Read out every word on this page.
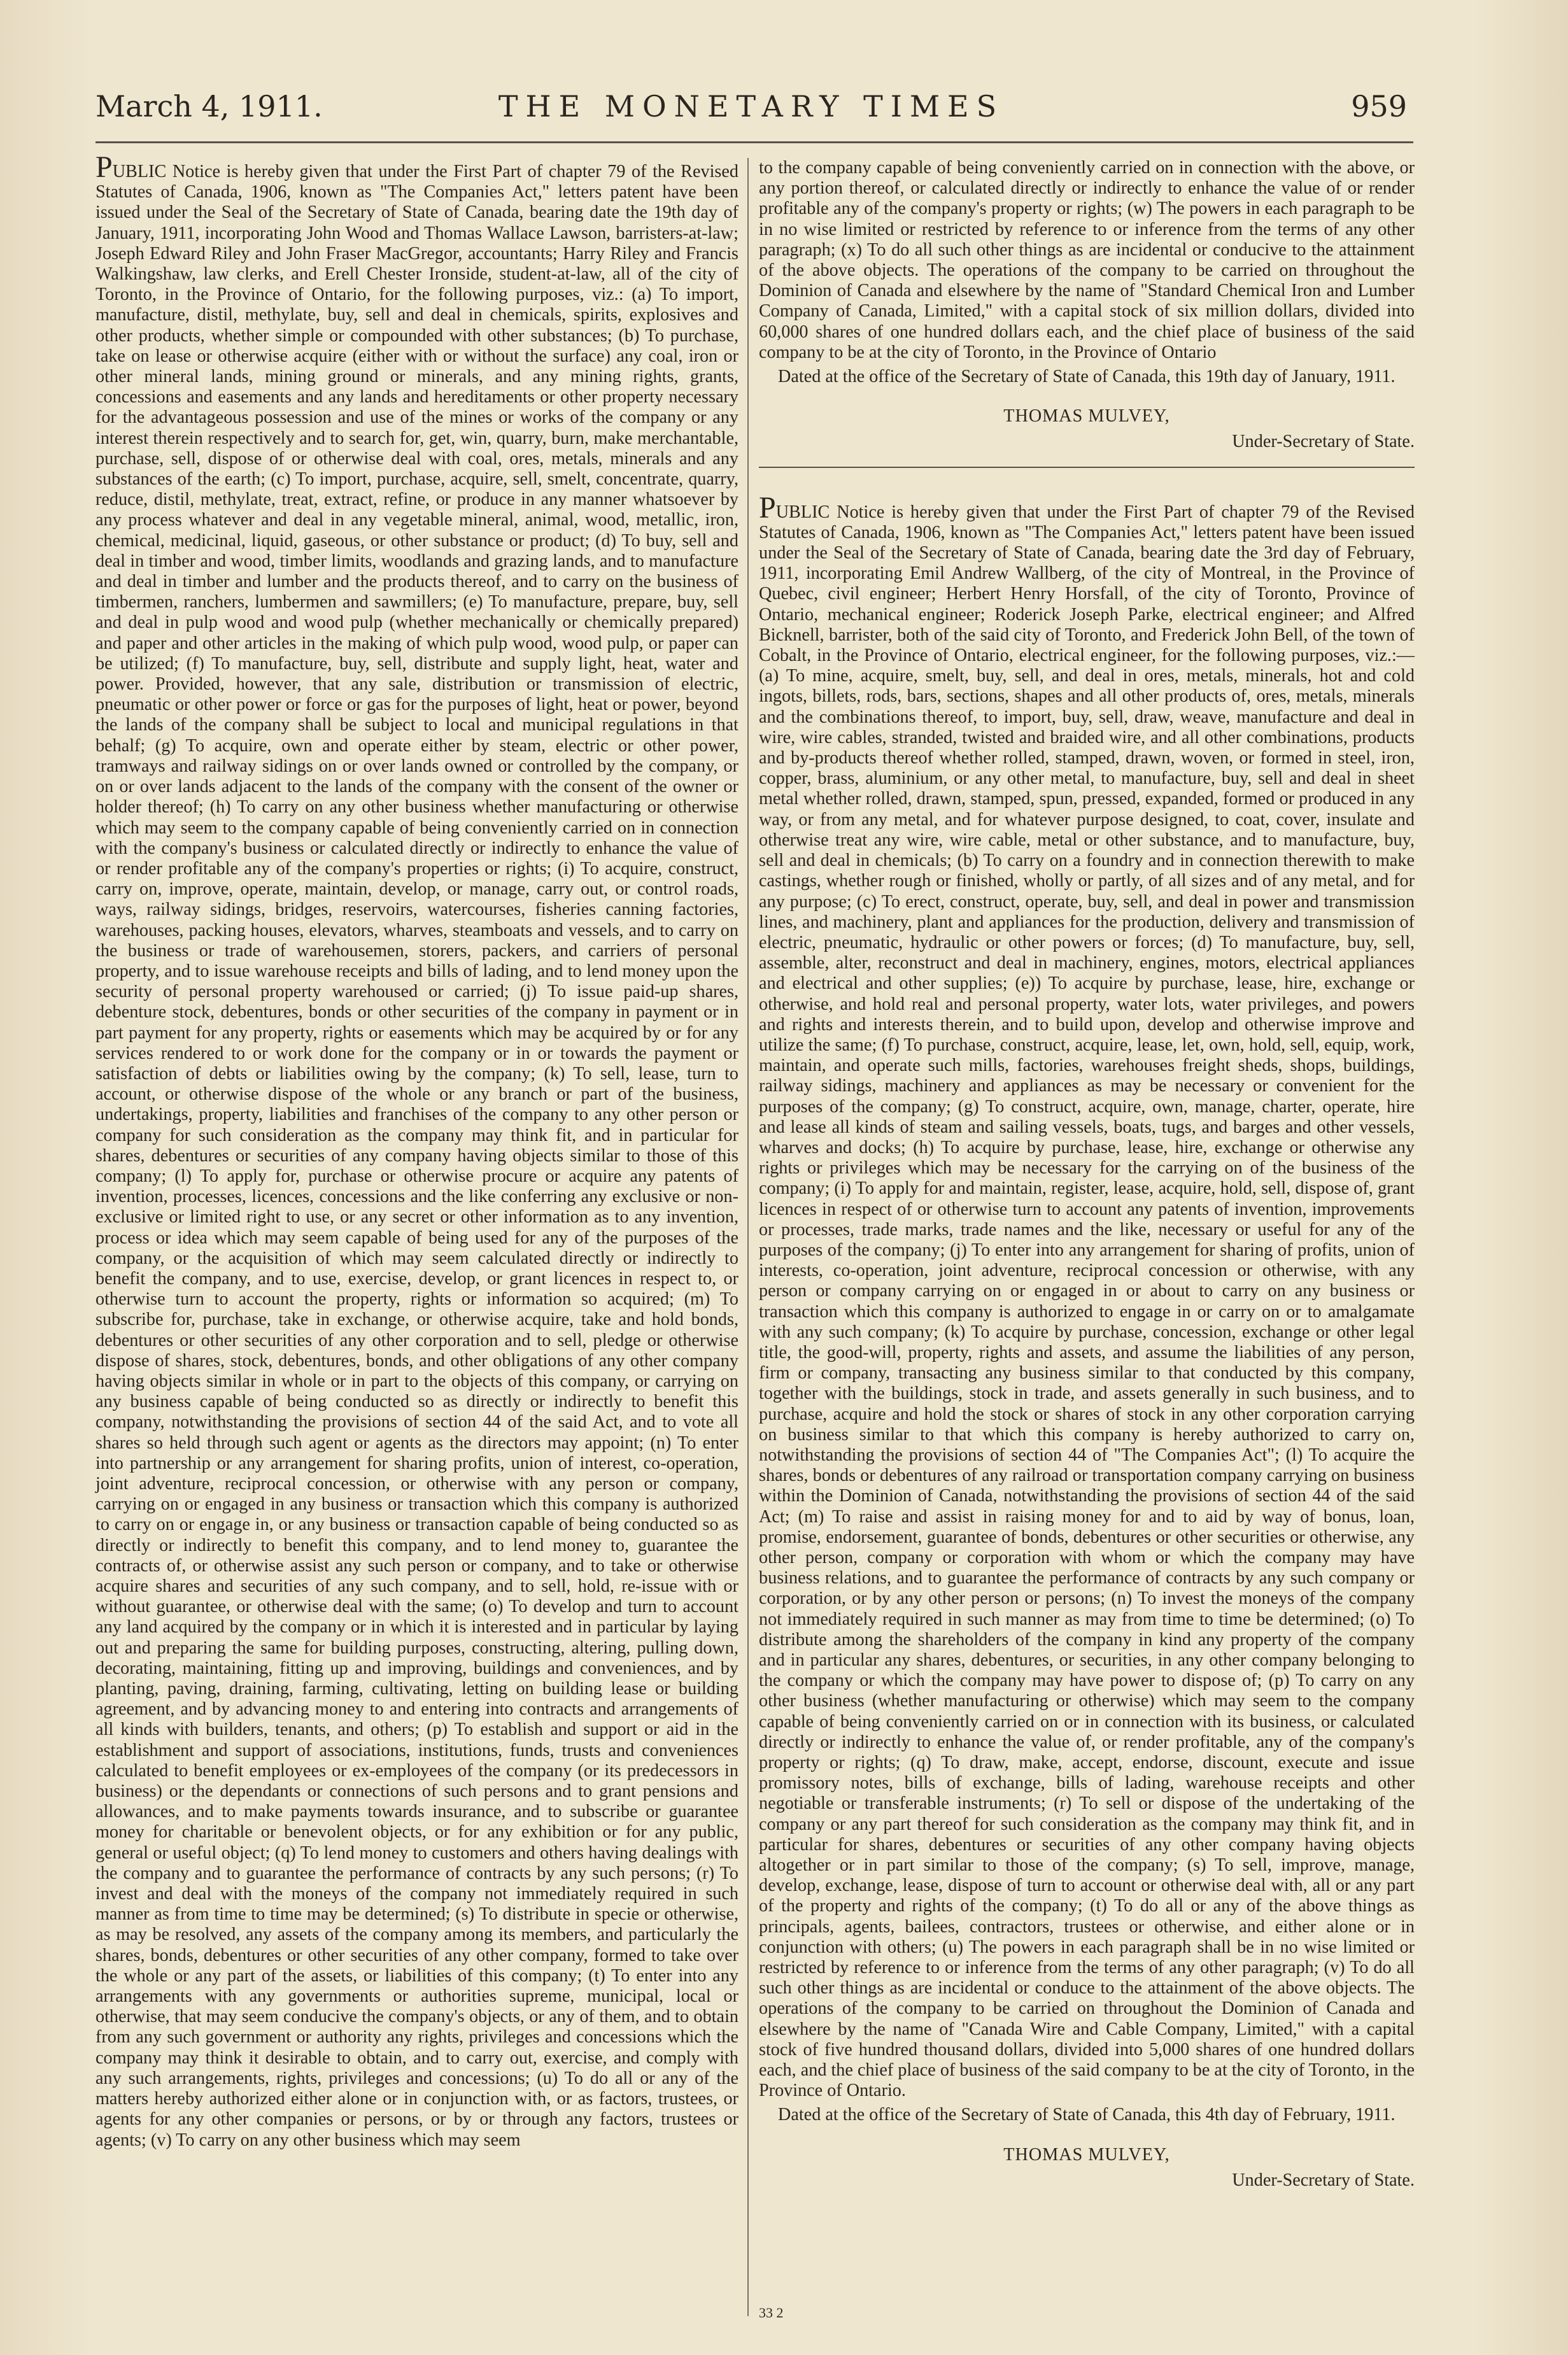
March 4, 1911.	THE MONETARY TIMES	959

PUBLIC Notice is hereby given that under the First Part of chapter 79 of the Revised Statutes of Canada, 1906, known as "The Companies Act," letters patent have been issued under the Seal of the Secretary of State of Canada, bearing date the 19th day of January, 1911, incorporating John Wood and Thomas Wallace Lawson, barristers-at-law; Joseph Edward Riley and John Fraser MacGregor, accountants; Harry Riley and Francis Walkingshaw, law clerks, and Erell Chester Ironside, student-at-law, all of the city of Toronto, in the Province of Ontario, for the following purposes, viz.: (a) To import, manufacture, distil, methylate, buy, sell and deal in chemicals, spirits, explosives and other products, whether simple or compounded with other substances; (b) To purchase, take on lease or otherwise acquire (either with or without the surface) any coal, iron or other mineral lands, mining ground or minerals, and any mining rights, grants, concessions and easements and any lands and hereditaments or other property necessary for the advantageous possession and use of the mines or works of the company or any interest therein respectively and to search for, get, win, quarry, burn, make merchantable, purchase, sell, dispose of or otherwise deal with coal, ores, metals, minerals and any substances of the earth; (c) To import, purchase, acquire, sell, smelt, concentrate, quarry, reduce, distil, methylate, treat, extract, refine, or produce in any manner whatsoever by any process whatever and deal in any vegetable mineral, animal, wood, metallic, iron, chemical, medicinal, liquid, gaseous, or other substance or product; (d) To buy, sell and deal in timber and wood, timber limits, woodlands and grazing lands, and to manufacture and deal in timber and lumber and the products thereof, and to carry on the business of timbermen, ranchers, lumbermen and sawmillers; (e) To manufacture, prepare, buy, sell and deal in pulp wood and wood pulp (whether mechanically or chemically prepared) and paper and other articles in the making of which pulp wood, wood pulp, or paper can be utilized; (f) To manufacture, buy, sell, distribute and supply light, heat, water and power. Provided, however, that any sale, distribution or transmission of electric, pneumatic or other power or force or gas for the purposes of light, heat or power, beyond the lands of the company shall be subject to local and municipal regulations in that behalf; (g) To acquire, own and operate either by steam, electric or other power, tramways and railway sidings on or over lands owned or controlled by the company, or on or over lands adjacent to the lands of the company with the consent of the owner or holder thereof; (h) To carry on any other business whether manufacturing or otherwise which may seem to the company capable of being conveniently carried on in connection with the company's business or calculated directly or indirectly to enhance the value of or render profitable any of the company's properties or rights; (i) To acquire, construct, carry on, improve, operate, maintain, develop, or manage, carry out, or control roads, ways, railway sidings, bridges, reservoirs, watercourses, fisheries canning factories, warehouses, packing houses, elevators, wharves, steamboats and vessels, and to carry on the business or trade of warehousemen, storers, packers, and carriers of personal property, and to issue warehouse receipts and bills of lading, and to lend money upon the security of personal property warehoused or carried; (j) To issue paid-up shares, debenture stock, debentures, bonds or other securities of the company in payment or in part payment for any property, rights or easements which may be acquired by or for any services rendered to or work done for the company or in or towards the payment or satisfaction of debts or liabilities owing by the company; (k) To sell, lease, turn to account, or otherwise dispose of the whole or any branch or part of the business, undertakings, property, liabilities and franchises of the company to any other person or company for such consideration as the company may think fit, and in particular for shares, debentures or securities of any company having objects similar to those of this company; (l) To apply for, purchase or otherwise procure or acquire any patents of invention, processes, licences, concessions and the like conferring any exclusive or non-exclusive or limited right to use, or any secret or other information as to any invention, process or idea which may seem capable of being used for any of the purposes of the company, or the acquisition of which may seem calculated directly or indirectly to benefit the company, and to use, exercise, develop, or grant licences in respect to, or otherwise turn to account the property, rights or information so acquired; (m) To subscribe for, purchase, take in exchange, or otherwise acquire, take and hold bonds, debentures or other securities of any other corporation and to sell, pledge or otherwise dispose of shares, stock, debentures, bonds, and other obligations of any other company having objects similar in whole or in part to the objects of this company, or carrying on any business capable of being conducted so as directly or indirectly to benefit this company, notwithstanding the provisions of section 44 of the said Act, and to vote all shares so held through such agent or agents as the directors may appoint; (n) To enter into partnership or any arrangement for sharing profits, union of interest, co-operation, joint adventure, reciprocal concession, or otherwise with any person or company, carrying on or engaged in any business or transaction which this company is authorized to carry on or engage in, or any business or transaction capable of being conducted so as directly or indirectly to benefit this company, and to lend money to, guarantee the contracts of, or otherwise assist any such person or company, and to take or otherwise acquire shares and securities of any such company, and to sell, hold, re-issue with or without guarantee, or otherwise deal with the same; (o) To develop and turn to account any land acquired by the company or in which it is interested and in particular by laying out and preparing the same for building purposes, constructing, altering, pulling down, decorating, maintaining, fitting up and improving, buildings and conveniences, and by planting, paving, draining, farming, cultivating, letting on building lease or building agreement, and by advancing money to and entering into contracts and arrangements of all kinds with builders, tenants, and others; (p) To establish and support or aid in the establishment and support of associations, institutions, funds, trusts and conveniences calculated to benefit employees or ex-employees of the company (or its predecessors in business) or the dependants or connections of such persons and to grant pensions and allowances, and to make payments towards insurance, and to subscribe or guarantee money for charitable or benevolent objects, or for any exhibition or for any public, general or useful object; (q) To lend money to customers and others having dealings with the company and to guarantee the performance of contracts by any such persons; (r) To invest and deal with the moneys of the company not immediately required in such manner as from time to time may be determined; (s) To distribute in specie or otherwise, as may be resolved, any assets of the company among its members, and particularly the shares, bonds, debentures or other securities of any other company, formed to take over the whole or any part of the assets, or liabilities of this company; (t) To enter into any arrangements with any governments or authorities supreme, municipal, local or otherwise, that may seem conducive the company's objects, or any of them, and to obtain from any such government or authority any rights, privileges and concessions which the company may think it desirable to obtain, and to carry out, exercise, and comply with any such arrangements, rights, privileges and concessions; (u) To do all or any of the matters hereby authorized either alone or in conjunction with, or as factors, trustees, or agents for any other companies or persons, or by or through any factors, trustees or agents; (v) To carry on any other business which may seem

to the company capable of being conveniently carried on in connection with the above, or any portion thereof, or calculated directly or indirectly to enhance the value of or render profitable any of the company's property or rights; (w) The powers in each paragraph to be in no wise limited or restricted by reference to or inference from the terms of any other paragraph; (x) To do all such other things as are incidental or conducive to the attainment of the above objects. The operations of the company to be carried on throughout the Dominion of Canada and elsewhere by the name of "Standard Chemical Iron and Lumber Company of Canada, Limited," with a capital stock of six million dollars, divided into 60,000 shares of one hundred dollars each, and the chief place of business of the said company to be at the city of Toronto, in the Province of Ontario

Dated at the office of the Secretary of State of Canada, this 19th day of January, 1911.

THOMAS MULVEY,

Under-Secretary of State.

PUBLIC Notice is hereby given that under the First Part of chapter 79 of the Revised Statutes of Canada, 1906, known as "The Companies Act," letters patent have been issued under the Seal of the Secretary of State of Canada, bearing date the 3rd day of February, 1911, incorporating Emil Andrew Wallberg, of the city of Montreal, in the Province of Quebec, civil engineer; Herbert Henry Horsfall, of the city of Toronto, Province of Ontario, mechanical engineer; Roderick Joseph Parke, electrical engineer; and Alfred Bicknell, barrister, both of the said city of Toronto, and Frederick John Bell, of the town of Cobalt, in the Province of Ontario, electrical engineer, for the following purposes, viz.:—(a) To mine, acquire, smelt, buy, sell, and deal in ores, metals, minerals, hot and cold ingots, billets, rods, bars, sections, shapes and all other products of, ores, metals, minerals and the combinations thereof, to import, buy, sell, draw, weave, manufacture and deal in wire, wire cables, stranded, twisted and braided wire, and all other combinations, products and by-products thereof whether rolled, stamped, drawn, woven, or formed in steel, iron, copper, brass, aluminium, or any other metal, to manufacture, buy, sell and deal in sheet metal whether rolled, drawn, stamped, spun, pressed, expanded, formed or produced in any way, or from any metal, and for whatever purpose designed, to coat, cover, insulate and otherwise treat any wire, wire cable, metal or other substance, and to manufacture, buy, sell and deal in chemicals; (b) To carry on a foundry and in connection therewith to make castings, whether rough or finished, wholly or partly, of all sizes and of any metal, and for any purpose; (c) To erect, construct, operate, buy, sell, and deal in power and transmission lines, and machinery, plant and appliances for the production, delivery and transmission of electric, pneumatic, hydraulic or other powers or forces; (d) To manufacture, buy, sell, assemble, alter, reconstruct and deal in machinery, engines, motors, electrical appliances and electrical and other supplies; (e)) To acquire by purchase, lease, hire, exchange or otherwise, and hold real and personal property, water lots, water privileges, and powers and rights and interests therein, and to build upon, develop and otherwise improve and utilize the same; (f) To purchase, construct, acquire, lease, let, own, hold, sell, equip, work, maintain, and operate such mills, factories, warehouses freight sheds, shops, buildings, railway sidings, machinery and appliances as may be necessary or convenient for the purposes of the company; (g) To construct, acquire, own, manage, charter, operate, hire and lease all kinds of steam and sailing vessels, boats, tugs, and barges and other vessels, wharves and docks; (h) To acquire by purchase, lease, hire, exchange or otherwise any rights or privileges which may be necessary for the carrying on of the business of the company; (i) To apply for and maintain, register, lease, acquire, hold, sell, dispose of, grant licences in respect of or otherwise turn to account any patents of invention, improvements or processes, trade marks, trade names and the like, necessary or useful for any of the purposes of the company; (j) To enter into any arrangement for sharing of profits, union of interests, co-operation, joint adventure, reciprocal concession or otherwise, with any person or company carrying on or engaged in or about to carry on any business or transaction which this company is authorized to engage in or carry on or to amalgamate with any such company; (k) To acquire by purchase, concession, exchange or other legal title, the good-will, property, rights and assets, and assume the liabilities of any person, firm or company, transacting any business similar to that conducted by this company, together with the buildings, stock in trade, and assets generally in such business, and to purchase, acquire and hold the stock or shares of stock in any other corporation carrying on business similar to that which this company is hereby authorized to carry on, notwithstanding the provisions of section 44 of "The Companies Act"; (l) To acquire the shares, bonds or debentures of any railroad or transportation company carrying on business within the Dominion of Canada, notwithstanding the provisions of section 44 of the said Act; (m) To raise and assist in raising money for and to aid by way of bonus, loan, promise, endorsement, guarantee of bonds, debentures or other securities or otherwise, any other person, company or corporation with whom or which the company may have business relations, and to guarantee the performance of contracts by any such company or corporation, or by any other person or persons; (n) To invest the moneys of the company not immediately required in such manner as may from time to time be determined; (o) To distribute among the shareholders of the company in kind any property of the company and in particular any shares, debentures, or securities, in any other company belonging to the company or which the company may have power to dispose of; (p) To carry on any other business (whether manufacturing or otherwise) which may seem to the company capable of being conveniently carried on or in connection with its business, or calculated directly or indirectly to enhance the value of, or render profitable, any of the company's property or rights; (q) To draw, make, accept, endorse, discount, execute and issue promissory notes, bills of exchange, bills of lading, warehouse receipts and other negotiable or transferable instruments; (r) To sell or dispose of the undertaking of the company or any part thereof for such consideration as the company may think fit, and in particular for shares, debentures or securities of any other company having objects altogether or in part similar to those of the company; (s) To sell, improve, manage, develop, exchange, lease, dispose of turn to account or otherwise deal with, all or any part of the property and rights of the company; (t) To do all or any of the above things as principals, agents, bailees, contractors, trustees or otherwise, and either alone or in conjunction with others; (u) The powers in each paragraph shall be in no wise limited or restricted by reference to or inference from the terms of any other paragraph; (v) To do all such other things as are incidental or conduce to the attainment of the above objects. The operations of the company to be carried on throughout the Dominion of Canada and elsewhere by the name of "Canada Wire and Cable Company, Limited," with a capital stock of five hundred thousand dollars, divided into 5,000 shares of one hundred dollars each, and the chief place of business of the said company to be at the city of Toronto, in the Province of Ontario.

Dated at the office of the Secretary of State of Canada, this 4th day of February, 1911.

THOMAS MULVEY,

Under-Secretary of State.

33 2
